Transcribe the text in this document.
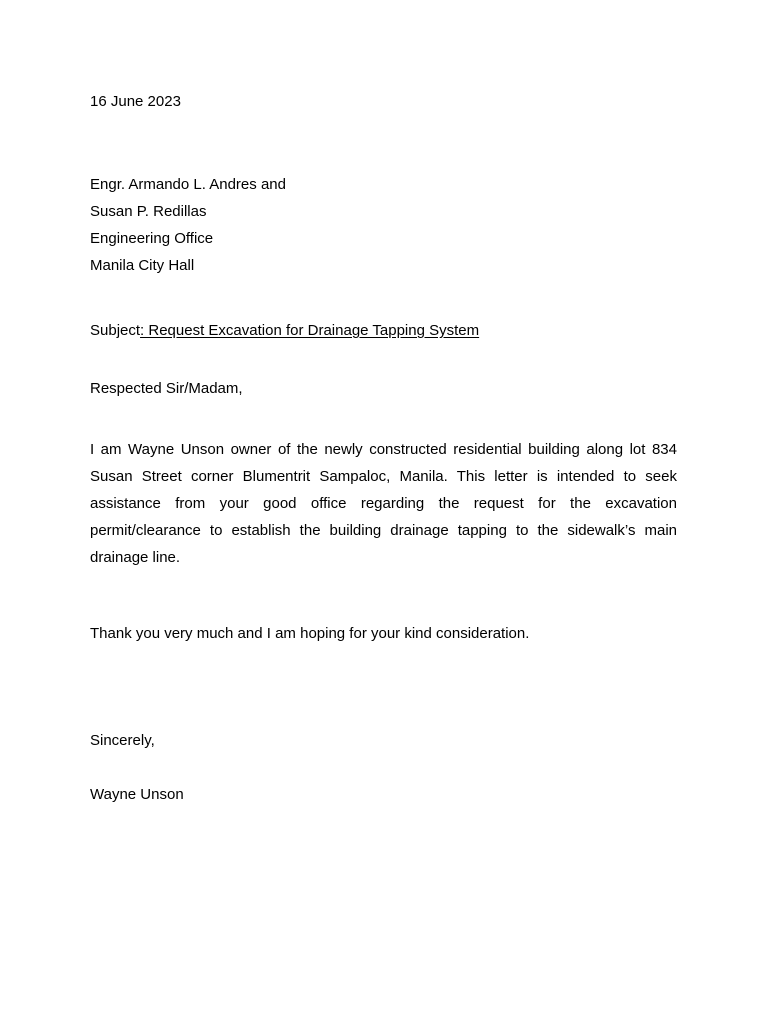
16 June 2023
Engr. Armando L. Andres and
Susan P. Redillas
Engineering Office
Manila City Hall
Subject: Request Excavation for Drainage Tapping System
Respected Sir/Madam,
I am Wayne Unson owner of the newly constructed residential building along lot 834 Susan Street corner Blumentrit Sampaloc, Manila. This letter is intended to seek assistance from your good office regarding the request for the excavation permit/clearance to establish the building drainage tapping to the sidewalk’s main drainage line.
Thank you very much and I am hoping for your kind consideration.
Sincerely,
Wayne Unson
